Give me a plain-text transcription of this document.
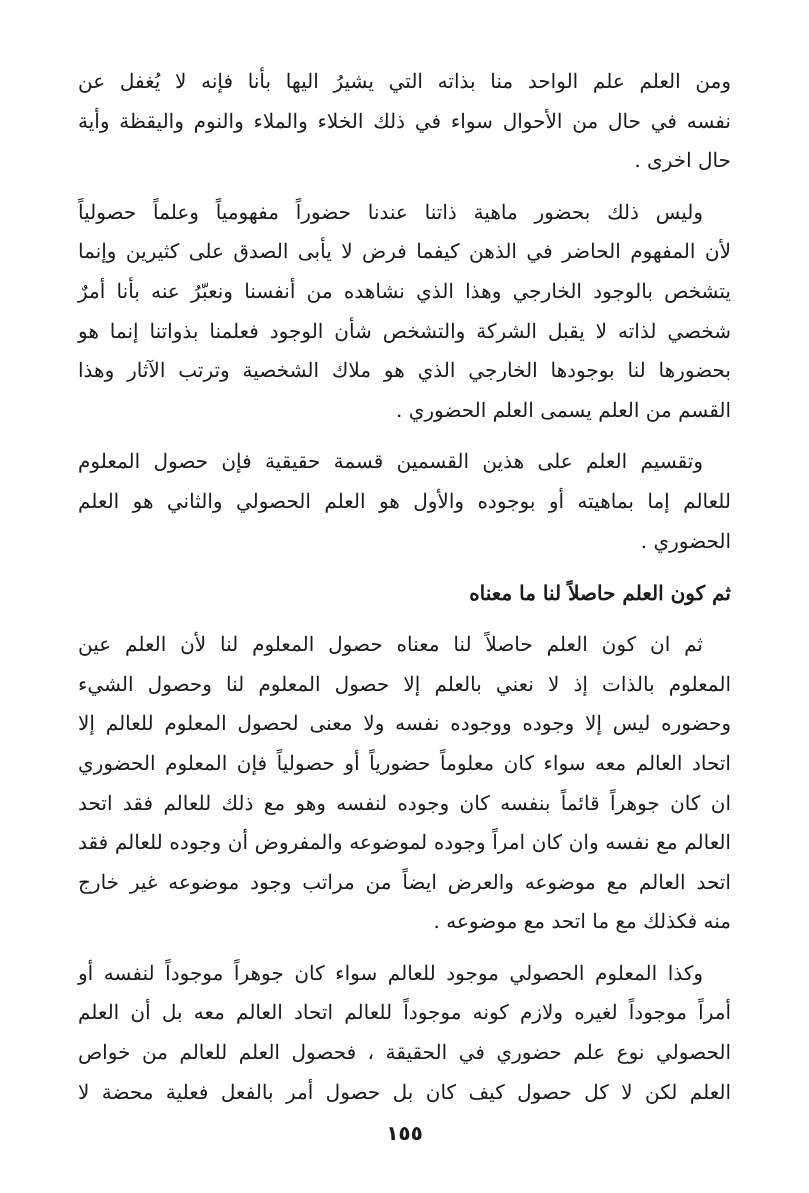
ومن العلم علم الواحد منا بذاته التي يشيرُ اليها بأنا فإنه لا يُغفل عن
نفسه في حال من الأحوال سواء في ذلك الخلاء والملاء والنوم واليقظة وأية
حال اخرى .

وليس ذلك بحضور ماهية ذاتنا عندنا حضوراً مفهومياً وعلماً حصولياً
لأن المفهوم الحاضر في الذهن كيفما فرض لا يأبى الصدق على كثيرين وإنما
يتشخص بالوجود الخارجي وهذا الذي نشاهده من أنفسنا ونعبّرُ عنه بأنا أمرٌ
شخصي لذاته لا يقبل الشركة والتشخص شأن الوجود فعلمنا بذواتنا إنما هو
بحضورها لنا بوجودها الخارجي الذي هو ملاك الشخصية وترتب الآثار وهذا
القسم من العلم يسمى العلم الحضوري .

وتقسيم العلم على هذين القسمين قسمة حقيقية فإن حصول المعلوم
للعالم إما بماهيته أو بوجوده والأول هو العلم الحصولي والثاني هو العلم
الحضوري .

ثم كون العلم حاصلاً لنا ما معناه

ثم ان كون العلم حاصلاً لنا معناه حصول المعلوم لنا لأن العلم عين
المعلوم بالذات إذ لا نعني بالعلم إلا حصول المعلوم لنا وحصول الشيء
وحضوره ليس إلا وجوده ووجوده نفسه ولا معنى لحصول المعلوم للعالم إلا
اتحاد العالم معه سواء كان معلوماً حضورياً أو حصولياً فإن المعلوم الحضوري
ان كان جوهراً قائماً بنفسه كان وجوده لنفسه وهو مع ذلك للعالم فقد اتحد
العالم مع نفسه وان كان امراً وجوده لموضوعه والمفروض أن وجوده للعالم فقد
اتحد العالم مع موضوعه والعرض ايضاً من مراتب وجود موضوعه غير خارج
منه فكذلك مع ما اتحد مع موضوعه .

وكذا المعلوم الحصولي موجود للعالم سواء كان جوهراً موجوداً لنفسه أو
أمراً موجوداً لغيره ولازم كونه موجوداً للعالم اتحاد العالم معه بل أن العلم
الحصولي نوع علم حضوري في الحقيقة ، فحصول العلم للعالم من خواص
العلم لكن لا كل حصول كيف كان بل حصول أمر بالفعل فعلية محضة لا

١٥٥
